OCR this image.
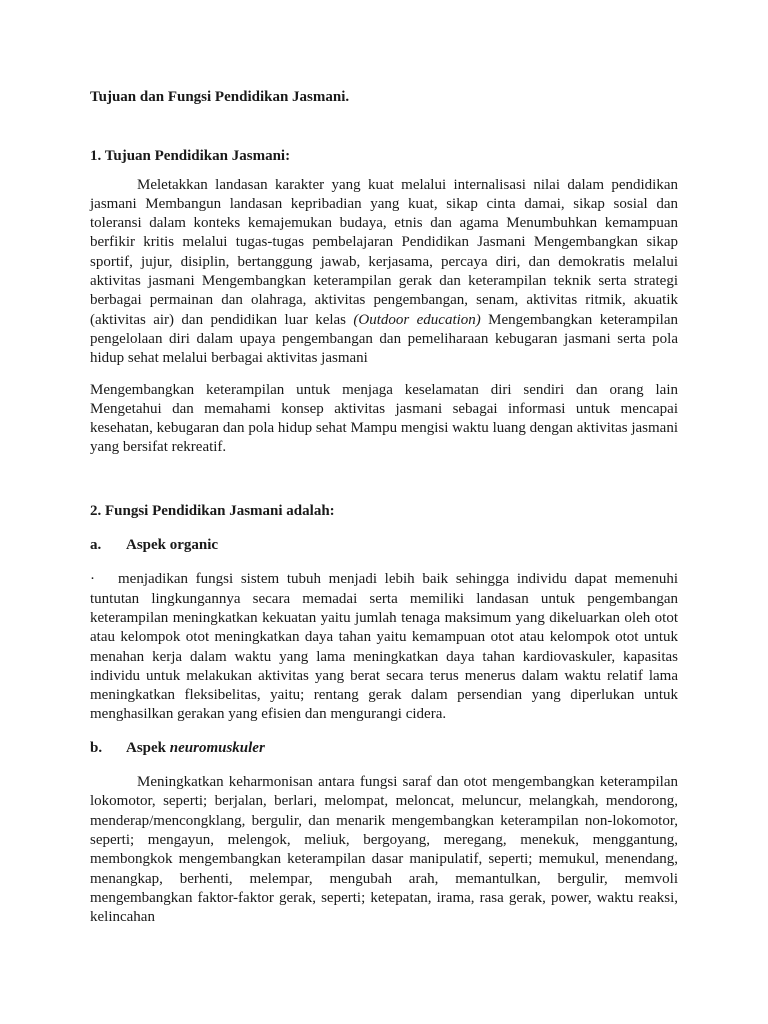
Tujuan dan Fungsi Pendidikan Jasmani.
1. Tujuan Pendidikan Jasmani:

Meletakkan landasan karakter yang kuat melalui internalisasi nilai dalam pendidikan jasmani Membangun landasan kepribadian yang kuat, sikap cinta damai, sikap sosial dan toleransi dalam konteks kemajemukan budaya, etnis dan agama Menumbuhkan kemampuan berfikir kritis melalui tugas-tugas pembelajaran Pendidikan Jasmani Mengembangkan sikap sportif, jujur, disiplin, bertanggung jawab, kerjasama, percaya diri, dan demokratis melalui aktivitas jasmani Mengembangkan keterampilan gerak dan keterampilan teknik serta strategi berbagai permainan dan olahraga, aktivitas pengembangan, senam, aktivitas ritmik, akuatik (aktivitas air) dan pendidikan luar kelas (Outdoor education) Mengembangkan keterampilan pengelolaan diri dalam upaya pengembangan dan pemeliharaan kebugaran jasmani serta pola hidup sehat melalui berbagai aktivitas jasmani

Mengembangkan keterampilan untuk menjaga keselamatan diri sendiri dan orang lain Mengetahui dan memahami konsep aktivitas jasmani sebagai informasi untuk mencapai kesehatan, kebugaran dan pola hidup sehat Mampu mengisi waktu luang dengan aktivitas jasmani yang bersifat rekreatif.

2. Fungsi Pendidikan Jasmani adalah:
a.	Aspek organic

· menjadikan fungsi sistem tubuh menjadi lebih baik sehingga individu dapat memenuhi tuntutan lingkungannya secara memadai serta memiliki landasan untuk pengembangan keterampilan meningkatkan kekuatan yaitu jumlah tenaga maksimum yang dikeluarkan oleh otot atau kelompok otot meningkatkan daya tahan yaitu kemampuan otot atau kelompok otot untuk menahan kerja dalam waktu yang lama meningkatkan daya tahan kardiovaskuler, kapasitas individu untuk melakukan aktivitas yang berat secara terus menerus dalam waktu relatif lama meningkatkan fleksibelitas, yaitu; rentang gerak dalam persendian yang diperlukan untuk menghasilkan gerakan yang efisien dan mengurangi cidera.

b.	Aspek neuromuskuler

Meningkatkan keharmonisan antara fungsi saraf dan otot mengembangkan keterampilan lokomotor, seperti; berjalan, berlari, melompat, meloncat, meluncur, melangkah, mendorong, menderap/mencongklang, bergulir, dan menarik mengembangkan keterampilan non-lokomotor, seperti; mengayun, melengok, meliuk, bergoyang, meregang, menekuk, menggantung, membongkok mengembangkan keterampilan dasar manipulatif, seperti; memukul, menendang, menangkap, berhenti, melempar, mengubah arah, memantulkan, bergulir, memvoli mengembangkan faktor-faktor gerak, seperti; ketepatan, irama, rasa gerak, power, waktu reaksi, kelincahan
